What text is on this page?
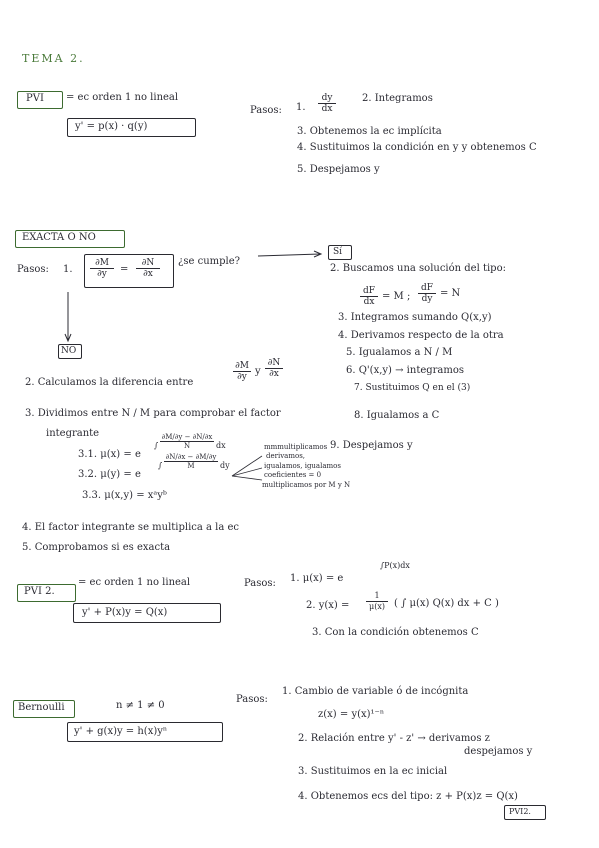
TEMA 2.
PVI = ec orden 1 no lineal
y' = p(x) · q(y)
Pasos: 1. $\frac{dy}{dx}$	2. Integramos
3. Obtenemos la ec implícita
4. Sustituimos la condición en y y obtenemos C
5. Despejamos y
EXACTA O NO
Pasos: 1. $\frac{\partial M}{\partial y} = \frac{\partial N}{\partial x}$ ¿se cumple?
Sí
2. Buscamos una solución del tipo:
$\frac{dF}{dx} = M$ ; $\frac{dF}{dy} = N$
3. Integramos sumando Q(x,y)
4. Derivamos respecto de la otra
5. Igualamos a N / M
6. Q'(x,y) → integramos
7. Sustituimos Q en el (3)
8. Igualamos a C
9. Despejamos y
NO
2. Calculamos la diferencia entre
$\frac{\partial M}{\partial y}$ y $\frac{\partial N}{\partial x}$
3. Dividimos entre N / M para comprobar el factor
integrante
3.1. μ(x) = e
∫ $\frac{\partial M/\partial y - \partial N/\partial x}{N}$ dx
3.2. μ(y) = e
∫ $\frac{\partial N/\partial x - \partial M/\partial y}{M}$ dy
3.3. μ(x,y) = xᵃyᵇ
mmmultiplicamos
derivamos,
igualamos, igualamos
coeficientes = 0
multiplicamos por M y N
4. El factor integrante se multiplica a la ec
5. Comprobamos si es exacta
PVI 2.
= ec orden 1 no lineal
y' + P(x)y = Q(x)
Pasos: 1. μ(x) = e
∫P(x)dx
2. $y(x) = \frac{1}{\mu(x)}$ ( ∫ μ(x) Q(x) dx + C )
3. Con la condición obtenemos C
Bernoulli	n ≠ 1 ≠ 0
y' + g(x)y = h(x)yⁿ
Pasos:
1. Cambio de variable ó de incógnita
z(x) = y(x)¹⁻ⁿ
2. Relación entre y' - z' → derivamos z
despejamos y
3. Sustituimos en la ec inicial
4. Obtenemos ecs del tipo: z + P(x)z = Q(x)
PVI2.
